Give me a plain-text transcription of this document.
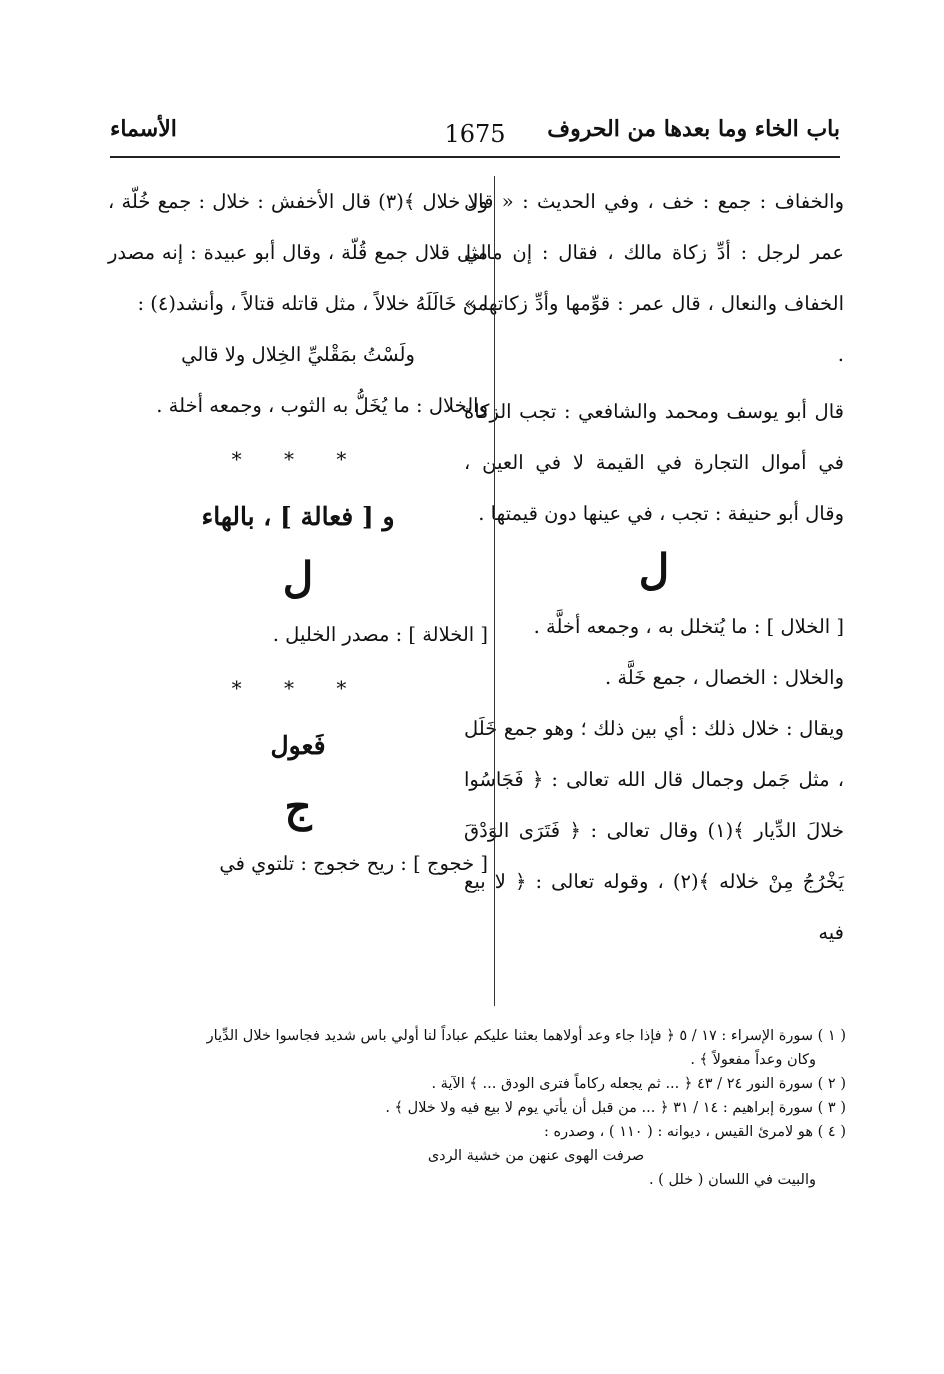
باب الخاء وما بعدها من الحروف
1675
الأسماء

والخفاف : جمع : خف ، وفي الحديث : « قال عمر لرجل : أدِّ زكاة مالك ، فقال : إن مالي الخفاف والنعال ، قال عمر : قوِّمها وأدِّ زكاتها » .

قال أبو يوسف ومحمد والشافعي : تجب الزكاة في أموال التجارة في القيمة لا في العين ، وقال أبو حنيفة : تجب ، في عينها دون قيمتها .

ل

[ الخلال ] : ما يُتخلل به ، وجمعه أخلَّة .

والخلال : الخصال ، جمع خَلَّة .

ويقال : خلال ذلك : أي بين ذلك ؛ وهو جمع خَلَل ، مثل جَمل وجمال قال الله تعالى : ﴿ فَجَاسُوا خلالَ الدِّيار ﴾(١) وقال تعالى : ﴿ فَتَرَى الوَدْقَ يَخْرُجُ مِنْ خلاله ﴾(٢) ، وقوله تعالى : ﴿ لا بيع فيه

ولا خلال ﴾(٣) قال الأخفش : خلال : جمع خُلّة ، مثل قلال جمع قُلّة ، وقال أبو عبيدة : إنه مصدر من خَالَلَهُ خلالاً ، مثل قاتله قتالاً ، وأنشد(٤) :

ولَسْتُ بمَقْليِّ الخِلال ولا قالي

والخلال : ما يُخَلُّ به الثوب ، وجمعه أخلة .

* * *

و [ فعالة ] ، بالهاء

ل

[ الخلالة ] : مصدر الخليل .

* * *

فَعول

ج

[ خجوج ] : ريح خجوج : تلتوي في

( ١ ) سورة الإسراء : ١٧ / ٥ ﴿ فإذا جاء وعد أولاهما بعثنا عليكم عباداً لنا أولي باس شديد فجاسوا خلال الدِّيار

وكان وعداً مفعولاً ﴾ .

( ٢ ) سورة النور ٢٤ / ٤٣ ﴿ ... ثم يجعله ركاماً فترى الودق ... ﴾ الآية .

( ٣ ) سورة إبراهيم : ١٤ / ٣١ ﴿ ... من قبل أن يأتي يوم لا بيع فيه ولا خلال ﴾ .

( ٤ ) هو لامرئ القيس ، ديوانه : ( ١١٠ ) ، وصدره :

صرفت الهوى عنهن من خشية الردى

والبيت في اللسان ( خلل ) .
